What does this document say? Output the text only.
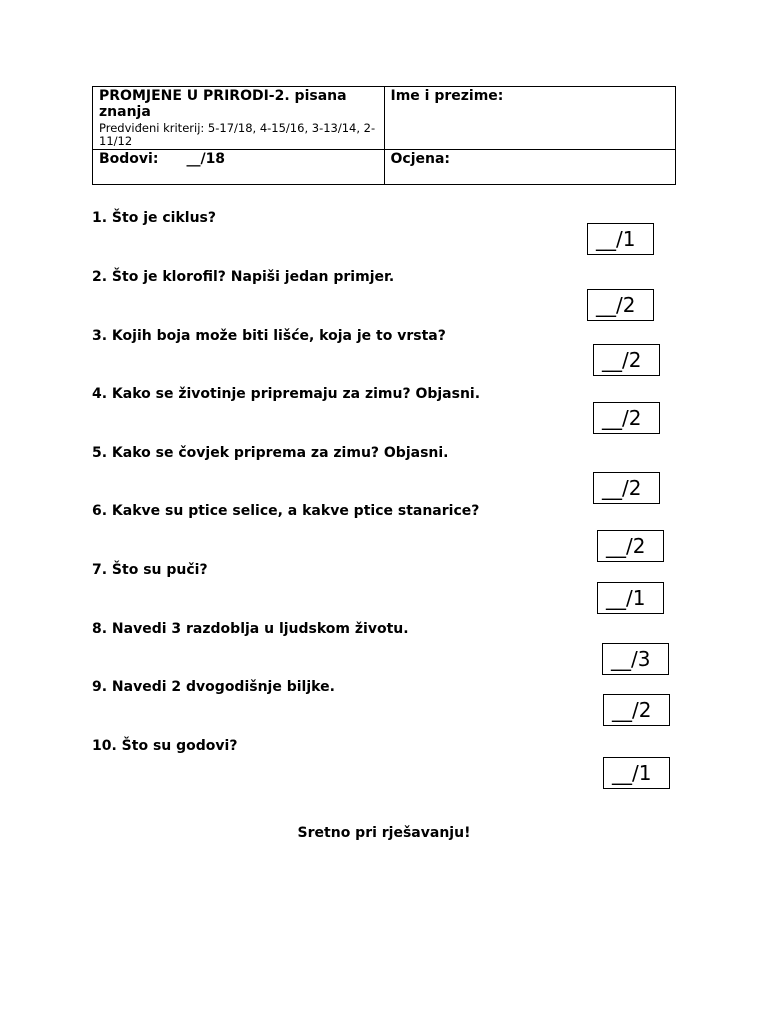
PROMJENE U PRIRODI-2. pisana znanja
Predviđeni kriterij: 5-17/18, 4-15/16, 3-13/14, 2-11/12	Ime i prezime:
Bodovi: __/18	Ocjena:
1. Što je ciklus?
__/1
2. Što je klorofil? Napiši jedan primjer.
__/2
3. Kojih boja može biti lišće, koja je to vrsta?
__/2
4. Kako se životinje pripremaju za zimu? Objasni.
__/2
5. Kako se čovjek priprema za zimu? Objasni.
__/2
6. Kakve su ptice selice, a kakve ptice stanarice?
__/2
7. Što su puči?
__/1
8. Navedi 3 razdoblja u ljudskom životu.
__/3
9. Navedi 2 dvogodišnje biljke.
__/2
10. Što su godovi?
__/1
Sretno pri rješavanju!
